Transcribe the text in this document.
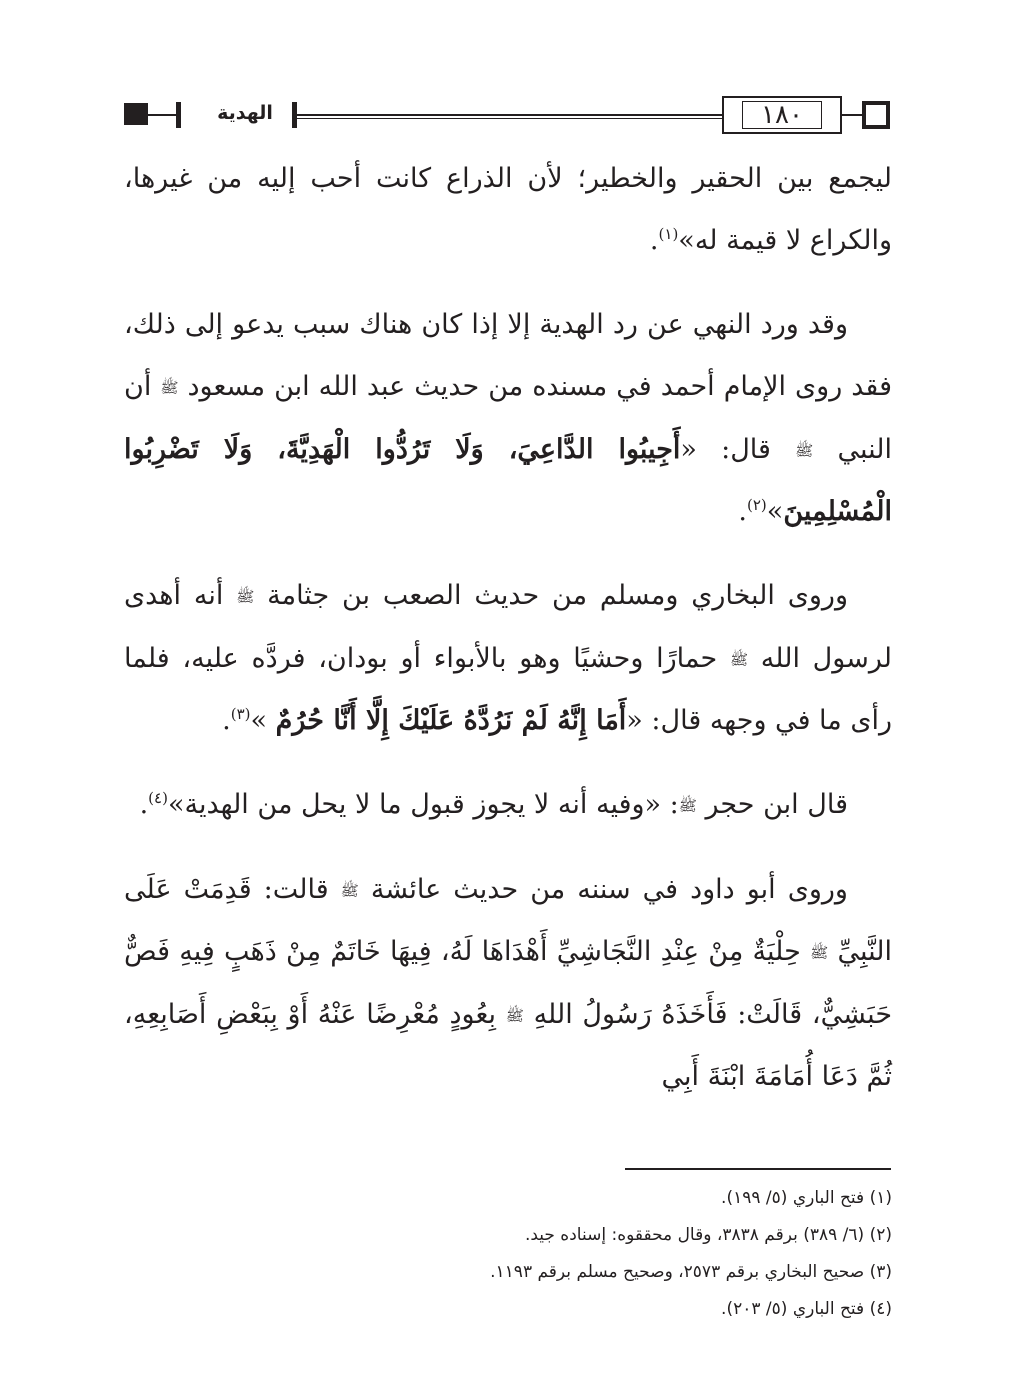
الهدية	١٨٠

ليجمع بين الحقير والخطير؛ لأن الذراع كانت أحب إليه من غيرها، والكراع لا قيمة له»$^{(١)}$.

وقد ورد النهي عن رد الهدية إلا إذا كان هناك سبب يدعو إلى ذلك، فقد روى الإمام أحمد في مسنده من حديث عبد الله ابن مسعود ﷺ أن النبي ﷺ قال: «أَجِيبُوا الدَّاعِيَ، وَلَا تَرُدُّوا الْهَدِيَّةَ، وَلَا تَضْرِبُوا الْمُسْلِمِينَ»$^{(٢)}$.

وروى البخاري ومسلم من حديث الصعب بن جثامة ﷺ أنه أهدى لرسول الله ﷺ حمارًا وحشيًا وهو بالأبواء أو بودان، فردَّه عليه، فلما رأى ما في وجهه قال: «أَمَا إِنَّهُ لَمْ نَرُدَّهُ عَلَيْكَ إِلَّا أَنَّا حُرُمٌ »$^{(٣)}$.

قال ابن حجر ﷺ: «وفيه أنه لا يجوز قبول ما لا يحل من الهدية»$^{(٤)}$.

وروى أبو داود في سننه من حديث عائشة ﷺ قالت: قَدِمَتْ عَلَى النَّبِيِّ ﷺ حِلْيَةٌ مِنْ عِنْدِ النَّجَاشِيِّ أَهْدَاهَا لَهُ، فِيهَا خَاتَمٌ مِنْ ذَهَبٍ فِيهِ فَصٌّ حَبَشِيٌّ، قَالَتْ: فَأَخَذَهُ رَسُولُ اللهِ ﷺ بِعُودٍ مُعْرِضًا عَنْهُ أَوْ بِبَعْضِ أَصَابِعِهِ، ثُمَّ دَعَا أُمَامَةَ ابْنَةَ أَبِي

(١) فتح الباري (٥/ ١٩٩).
(٢) (٦/ ٣٨٩) برقم ٣٨٣٨، وقال محققوه: إسناده جيد.
(٣) صحيح البخاري برقم ٢٥٧٣، وصحيح مسلم برقم ١١٩٣.
(٤) فتح الباري (٥/ ٢٠٣).
